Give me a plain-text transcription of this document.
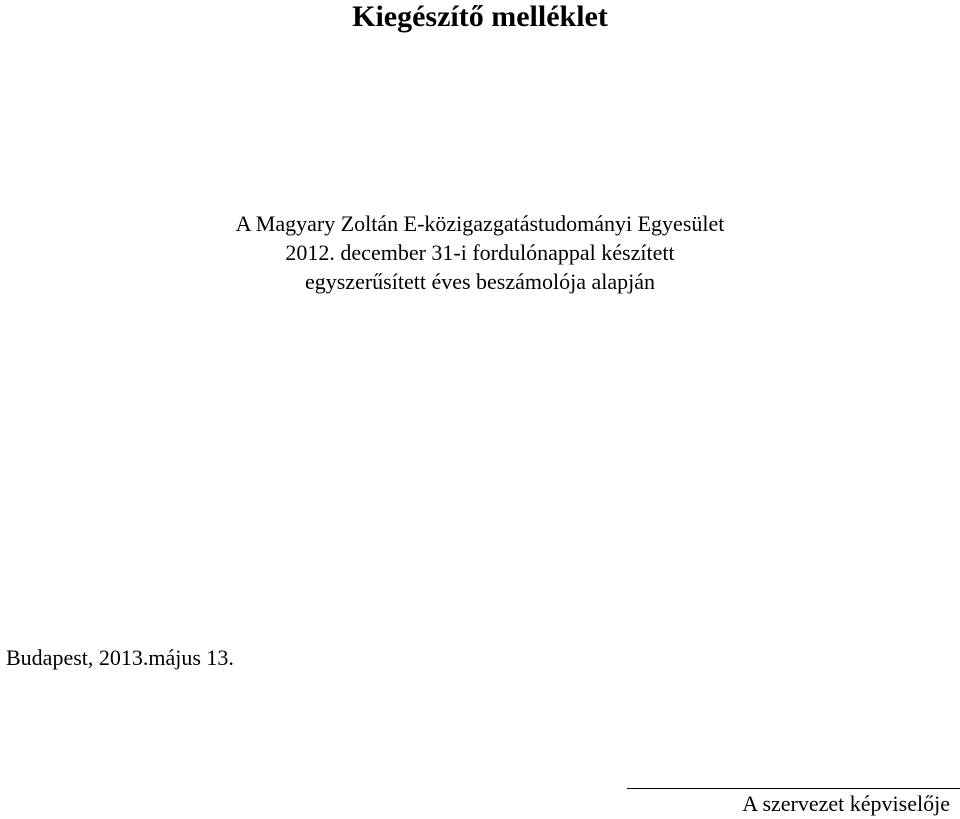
Kiegészítő melléklet
A Magyary Zoltán E-közigazgatástudományi Egyesület
2012. december 31-i fordulónappal készített
egyszerűsített éves beszámolója alapján
Budapest, 2013.május 13.
A szervezet képviselője
